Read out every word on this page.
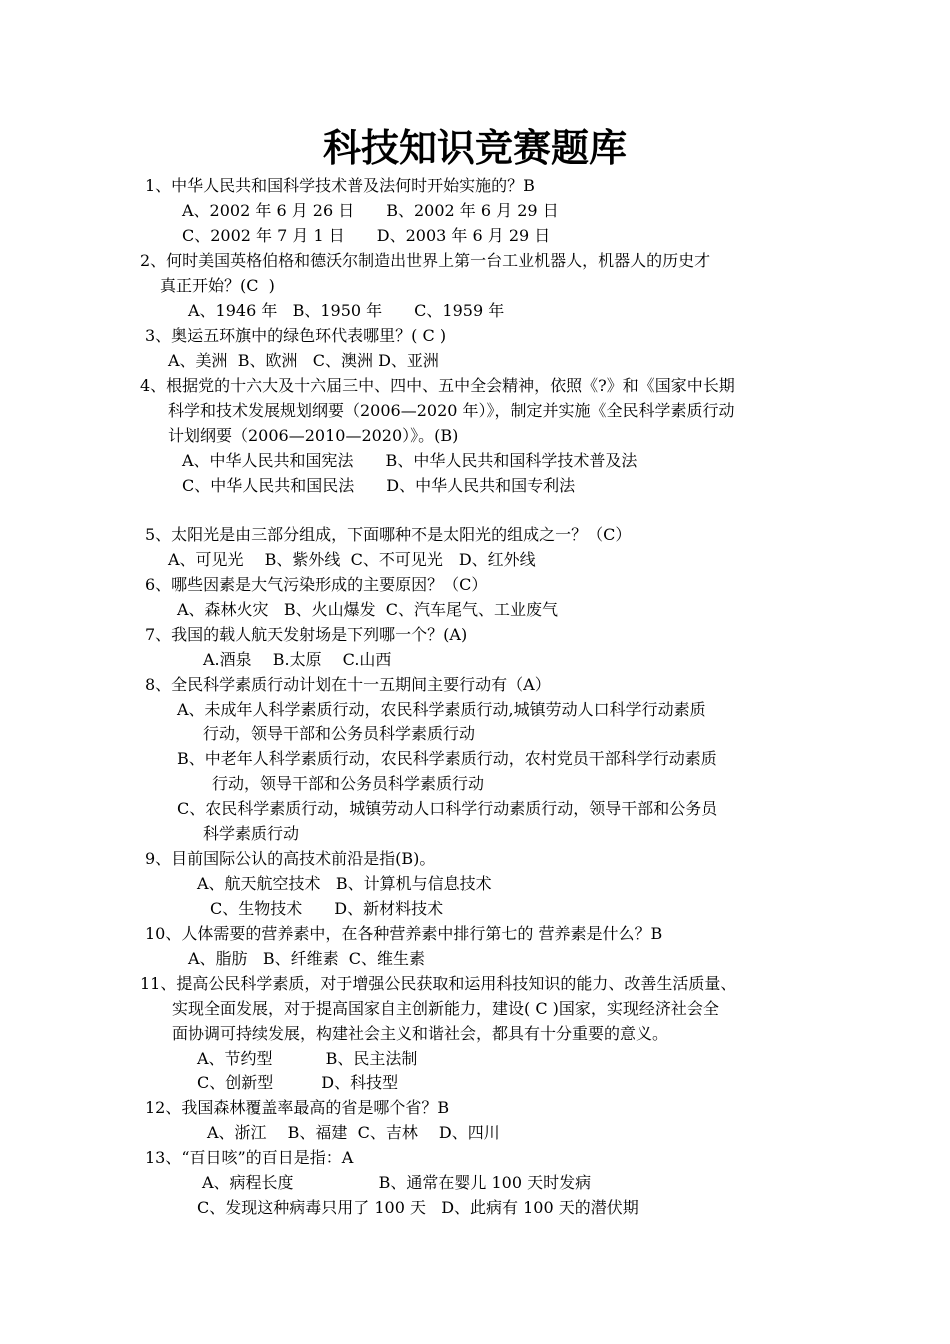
科技知识竞赛题库
1、中华人民共和国科学技术普及法何时开始实施的？B
A、2002 年 6 月 26 日　　B、2002 年 6 月 29 日
C、2002 年 7 月 1 日　　D、2003 年 6 月 29 日
2、何时美国英格伯格和德沃尔制造出世界上第一台工业机器人，机器人的历史才
真正开始？(C  )
A、1946 年   B、1950 年　　C、1959 年
3、奥运五环旗中的绿色环代表哪里？( C )
A、美洲  B、欧洲   C、澳洲 D、亚洲
4、根据党的十六大及十六届三中、四中、五中全会精神，依照《?》和《国家中长期
科学和技术发展规划纲要（2006—2020 年）》，制定并实施《全民科学素质行动
计划纲要（2006—2010—2020）》。(B)
A、中华人民共和国宪法　　B、中华人民共和国科学技术普及法
C、中华人民共和国民法　　D、中华人民共和国专利法
5、太阳光是由三部分组成，下面哪种不是太阳光的组成之一？（C）
A、可见光　 B、紫外线  C、不可见光　D、红外线
6、哪些因素是大气污染形成的主要原因？（C）
A、森林火灾   B、火山爆发  C、汽车尾气、工业废气
7、我国的载人航天发射场是下列哪一个？(A)
A.酒泉　 B.太原　 C.山西
8、全民科学素质行动计划在十一五期间主要行动有（A）
A、未成年人科学素质行动，农民科学素质行动,城镇劳动人口科学行动素质
行动，领导干部和公务员科学素质行动
B、中老年人科学素质行动，农民科学素质行动，农村党员干部科学行动素质
行动，领导干部和公务员科学素质行动
C、农民科学素质行动，城镇劳动人口科学行动素质行动，领导干部和公务员
科学素质行动
9、目前国际公认的高技术前沿是指(B)。
A、航天航空技术   B、计算机与信息技术
C、生物技术　　D、新材料技术
10、人体需要的营养素中，在各种营养素中排行第七的 营养素是什么？B
A、脂肪   B、纤维素  C、维生素
11、提高公民科学素质，对于增强公民获取和运用科技知识的能力、改善生活质量、
实现全面发展，对于提高国家自主创新能力，建设( C )国家，实现经济社会全
面协调可持续发展，构建社会主义和谐社会，都具有十分重要的意义。
A、节约型　　　 B、民主法制
C、创新型　　　D、科技型
12、我国森林覆盖率最高的省是哪个省？B
A、浙江　 B、福建  C、吉林　 D、四川
13、“百日咳”的百日是指：A
A、病程长度　　　　　 B、通常在婴儿 100 天时发病
C、发现这种病毒只用了 100 天   D、此病有 100 天的潜伏期
